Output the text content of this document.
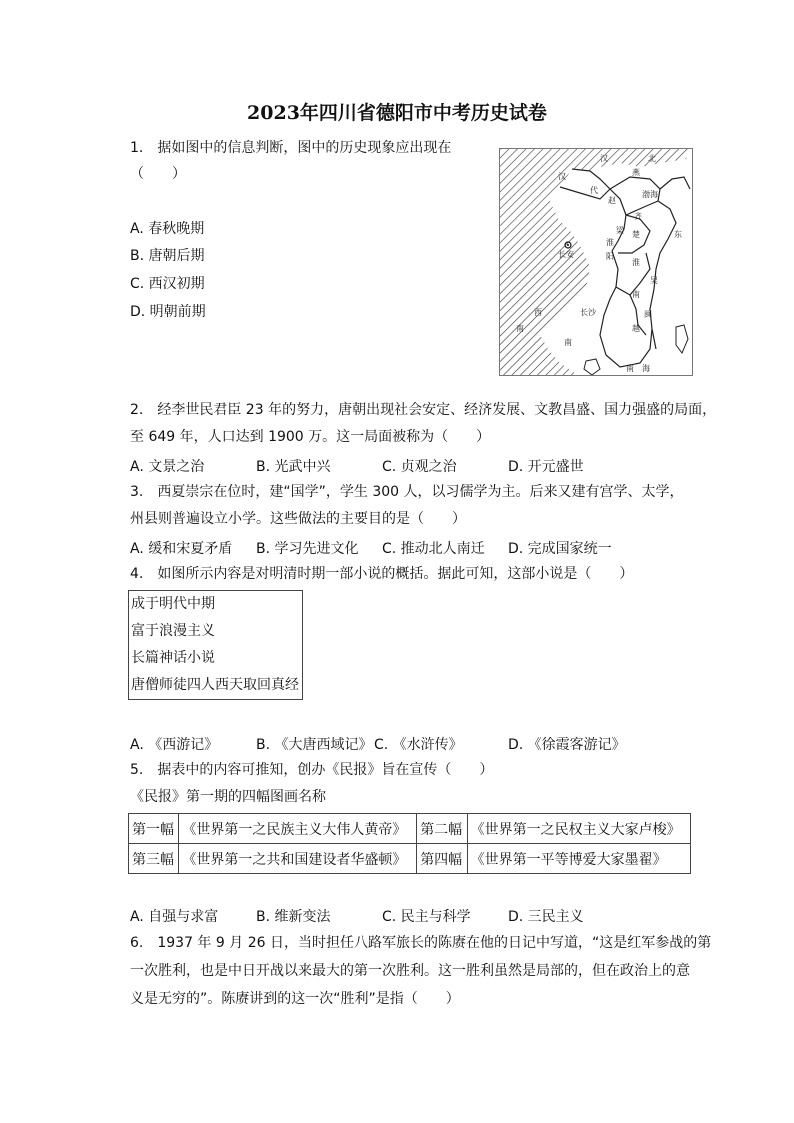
2023年四川省德阳市中考历史试卷
1.　据如图中的信息判断，图中的历史现象应出现在
（　　）
A. 春秋晚期
B. 唐朝后期
C. 西汉初期
D. 明朝前期
长安
汉	北
汉
代
燕
渤海
赵
齐
梁 楚
淮
阳
淮
东
吴
南
长沙	闽
越
西
南
南
南　海
2.　经李世民君臣 23 年的努力，唐朝出现社会安定、经济发展、文教昌盛、国力强盛的局面，
至 649 年，人口达到 1900 万。这一局面被称为（　　）
A. 文景之治	B. 光武中兴	C. 贞观之治	D. 开元盛世
3.　西夏崇宗在位时，建“国学”，学生 300 人，以习儒学为主。后来又建有宫学、太学，
州县则普遍设立小学。这些做法的主要目的是（　　）
A. 缓和宋夏矛盾 B. 学习先进文化 C. 推动北人南迁 D. 完成国家统一
4.　如图所示内容是对明清时期一部小说的概括。据此可知，这部小说是（　　）
成于明代中期
富于浪漫主义
长篇神话小说
唐僧师徒四人西天取回真经
A. 《西游记》	B. 《大唐西域记》 C. 《水浒传》	D. 《徐霞客游记》
5.　据表中的内容可推知，创办《民报》旨在宣传（　　）
《民报》第一期的四幅图画名称
第一幅	《世界第一之民族主义大伟人黄帝》	第二幅	《世界第一之民权主义大家卢梭》
第三幅	《世界第一之共和国建设者华盛顿》	第四幅	《世界第一平等博爱大家墨翟》
A. 自强与求富	B. 维新变法	C. 民主与科学	D. 三民主义
6.　1937 年 9 月 26 日，当时担任八路军旅长的陈赓在他的日记中写道，“这是红军参战的第
一次胜利，也是中日开战以来最大的第一次胜利。这一胜利虽然是局部的，但在政治上的意
义是无穷的”。陈赓讲到的这一次“胜利”是指（　　）
